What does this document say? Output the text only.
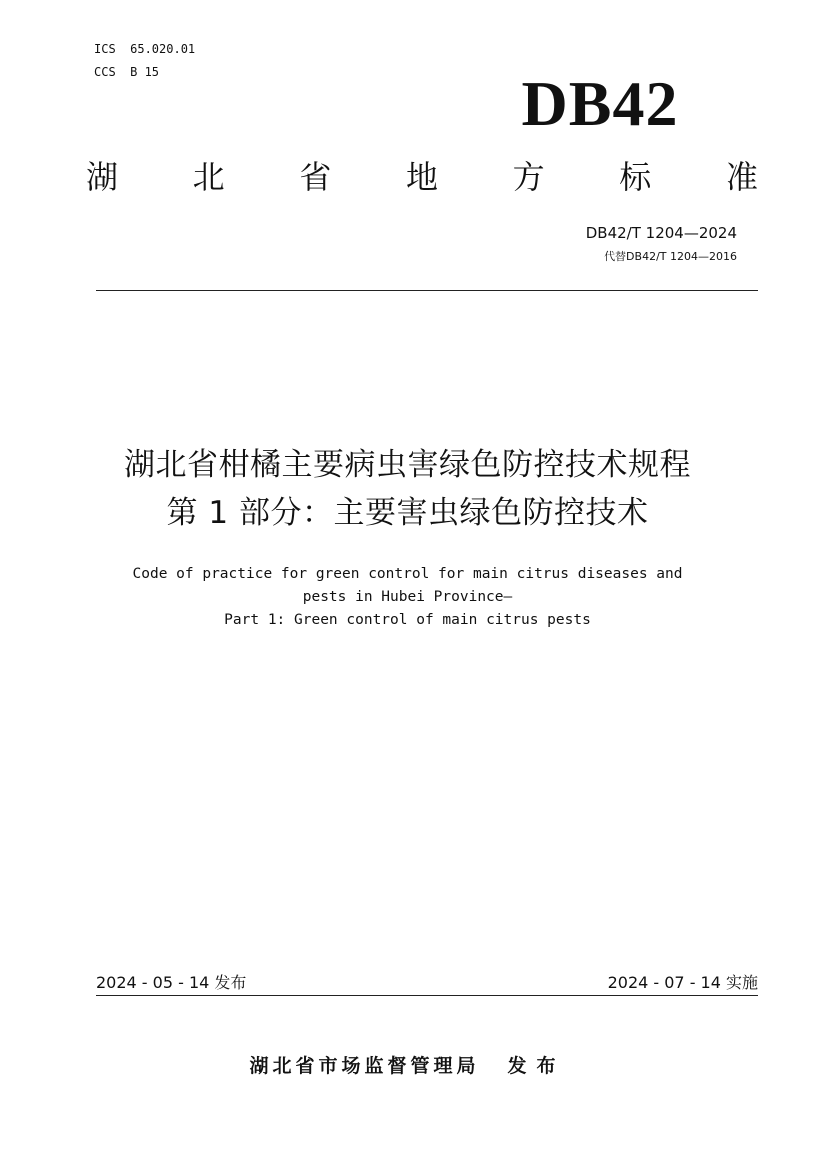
ICS  65.020.01
CCS  B 15	DB42
湖 北 省 地 方 标 准
DB42/T 1204—2024
代替DB42/T 1204—2016
湖北省柑橘主要病虫害绿色防控技术规程
第 1 部分：主要害虫绿色防控技术
Code of practice for green control for main citrus diseases and
pests in Hubei Province—
Part 1: Green control of main citrus pests
2024 - 05 - 14 发布	2024 - 07 - 14 实施
湖北省市场监督管理局 发布
